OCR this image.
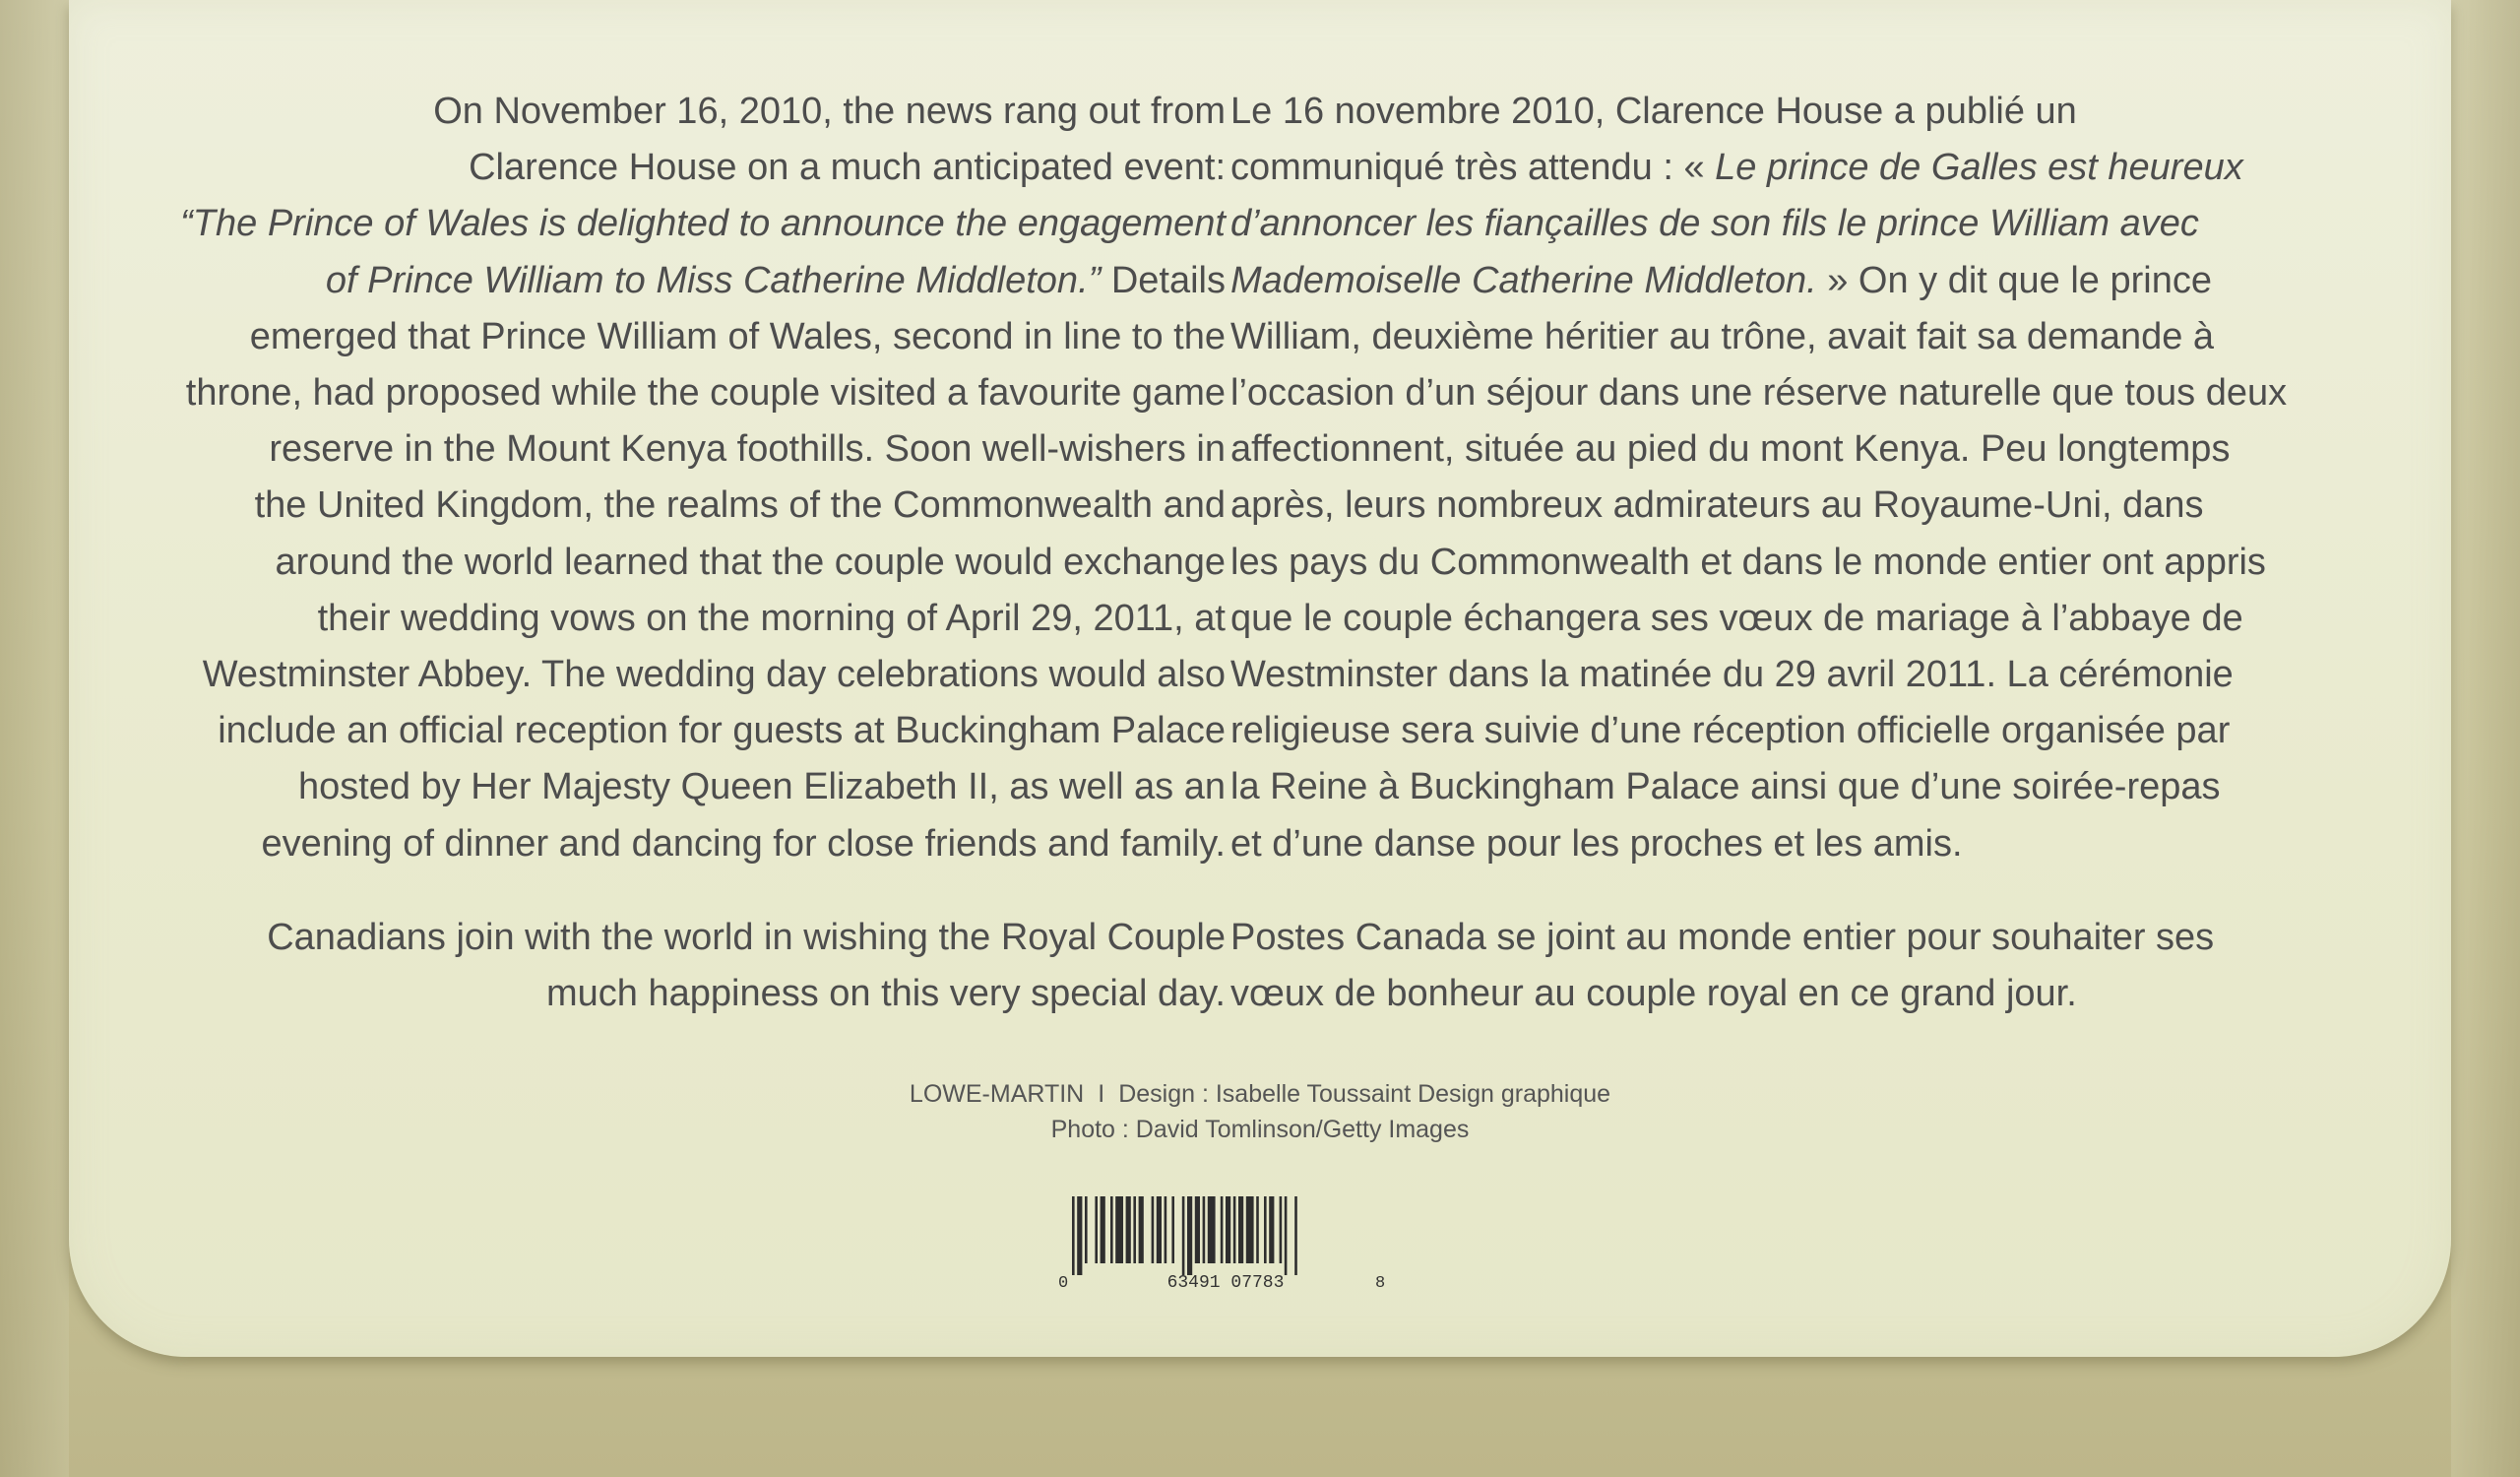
On November 16, 2010, the news rang out from
Clarence House on a much anticipated event:
“The Prince of Wales is delighted to announce the engagement
of Prince William to Miss Catherine Middleton.” Details
emerged that Prince William of Wales, second in line to the
throne, had proposed while the couple visited a favourite game
reserve in the Mount Kenya foothills. Soon well-wishers in
the United Kingdom, the realms of the Commonwealth and
around the world learned that the couple would exchange
their wedding vows on the morning of April 29, 2011, at
Westminster Abbey. The wedding day celebrations would also
include an official reception for guests at Buckingham Palace
hosted by Her Majesty Queen Elizabeth II, as well as an
evening of dinner and dancing for close friends and family.

Canadians join with the world in wishing the Royal Couple
much happiness on this very special day.

Le 16 novembre 2010, Clarence House a publié un
communiqué très attendu : « Le prince de Galles est heureux
d’annoncer les fiançailles de son fils le prince William avec
Mademoiselle Catherine Middleton. » On y dit que le prince
William, deuxième héritier au trône, avait fait sa demande à
l’occasion d’un séjour dans une réserve naturelle que tous deux
affectionnent, située au pied du mont Kenya. Peu longtemps
après, leurs nombreux admirateurs au Royaume-Uni, dans
les pays du Commonwealth et dans le monde entier ont appris
que le couple échangera ses vœux de mariage à l’abbaye de
Westminster dans la matinée du 29 avril 2011. La cérémonie
religieuse sera suivie d’une réception officielle organisée par
la Reine à Buckingham Palace ainsi que d’une soirée-repas
et d’une danse pour les proches et les amis.

Postes Canada se joint au monde entier pour souhaiter ses
vœux de bonheur au couple royal en ce grand jour.

LOWE-MARTIN I Design : Isabelle Toussaint Design graphique
Photo : David Tomlinson/Getty Images
0	63491 07783	8
